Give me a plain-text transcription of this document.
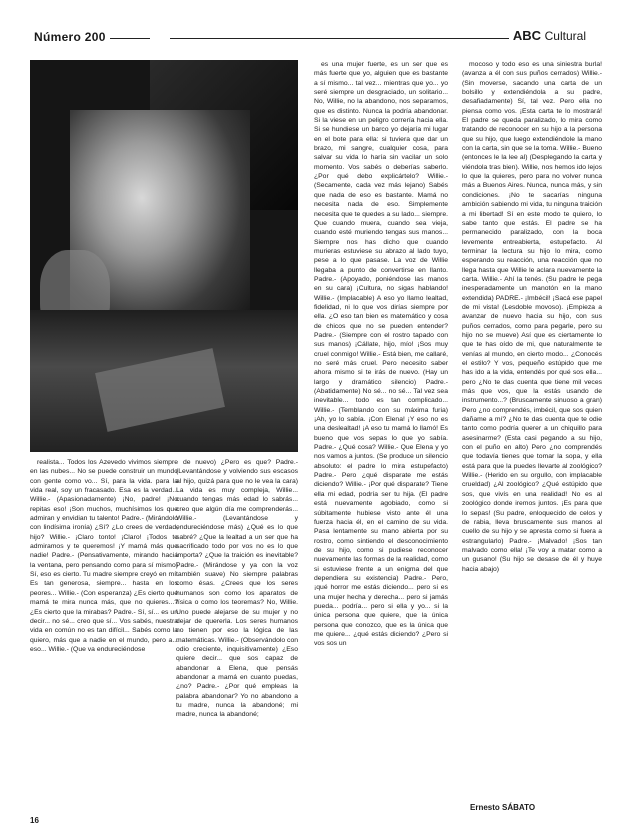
Número 200	ABC Cultural

realista... Todos los Azevedo vivimos siempre en las nubes... No se puede construir un mundo con gente como vo... Sí, para la vida. para la vida real, soy un fracasado. Esa es la verdad... Willie.- (Apasionadamente) ¡No, padre! ¡No repitas eso! ¡Son muchos, muchísimos los que admiran y envidian tu talento! Padre.- (Mirándolo con lindísima ironía) ¿Sí? ¿Lo crees de verdad, hijo? Willie.- ¡Claro tonto! ¡Claro! ¡Todos te admiramos y te queremos! ¡Y mamá más que nadie! Padre.- (Pensativamente, mirando hacia la ventana, pero pensando como para sí mismo) Sí, eso es cierto. Tu madre siempre creyó en mí. Es tan generosa, siempre... hasta en los peores... Willie.- (Con esperanza) ¿Es cierto que mamá te mira nunca más, que no quieres...? ¿Es cierto que la mirabas? Padre.- Sí, sí... es un decir... no sé... creo que sí... Vos sabés, nuestra vida en común no es tan difícil... Sabés como la quiero, más que a nadie en el mundo, pero a... eso... Willie.- (Que va endureciéndose

de nuevo) ¿Pero es que? Padre.- (Levantándose y volviendo sus escasos al hijo, quizá para que no le vea la cara) La vida es muy compleja, Willie... cuando tengas más edad lo sabrás... creo que algún día me comprenderás... Willie.- (Levantándose y endureciéndose más) ¿Qué es lo que sabré? ¿Que la lealtad a un ser que ha sacrificado todo por vos no es lo que importa? ¿Que la traición es inevitable? Padre.- (Mirándose y ya con la voz también suave) No siempre palabras como ésas. ¿Crees que los seres humanos son como los aparatos de física o como los teoremas? No, Willie. Uno puede alejarse de su mujer y no dejar de quererla. Los seres humanos no tienen por eso la lógica de las matemáticas. Willie.- (Observándolo con odio creciente, inquisitivamente) ¿Eso quiere decir... que sos capaz de abandonar a Elena, que pensás abandonar a mamá en cuanto puedas, ¿no? Padre.- ¿Por qué empleas la palabra abandonar? Yo no abandono a tu madre, nunca la abandoné; mi madre, nunca la abandoné;

es una mujer fuerte, es un ser que es más fuerte que yo, alguien que es bastante a sí mismo... tal vez... mientras que yo... yo seré siempre un desgraciado, un solitario... No, Willie, no la abandono, nos separamos, que es distinto. Nunca la podría abandonar. Si la viese en un peligro correría hacia ella. Si se hundiese un barco yo dejaría mi lugar en el bote para ella: si tuviera que dar un brazo, mi sangre, cualquier cosa, para salvar su vida lo haría sin vacilar un solo momento. Vos sabés o deberías saberlo. ¿Por qué debo explicártelo? Willie.- (Secamente, cada vez más lejano) Sabés que nada de eso es bastante. Mamá no necesita nada de eso. Simplemente necesita que te quedes a su lado... siempre. Que cuando muera, cuando sea vieja, cuando esté muriendo tengas sus manos... Siempre nos has dicho que cuando murieras estuviese su abrazo al lado tuyo, pese a lo que pasase. La voz de Willie llegaba a punto de convertirse en llanto. Padre.- (Apoyado, poniéndose las manos en su cara) ¡Cultura, no sigas hablando! Willie.- (Implacable) A eso yo llamo lealtad, fidelidad, ni lo que vos dirías siempre por ella. ¿O eso tan bien es matemático y cosa de chicos que no se pueden entender? Padre.- (Siempre con el rostro tapado con sus manos) ¡Cállate, hijo, mío! ¡Sos muy cruel conmigo! Willie.- Está bien, me callaré, no seré más cruel. Pero necesito saber ahora mismo si te irás de nuevo. (Hay un largo y dramático silencio) Padre.- (Abatidamente) No sé... no sé... Tal vez sea inevitable... todo es tan complicado... Willie.- (Temblando con su máxima furia) ¡Ah, yo lo sabía. ¡Con Elena! ¡Y eso no es una deslealtad! ¡A eso tu mamá lo llamó! Es bueno que vos sepas lo que yo sabía. Padre.- ¿Qué cosa? Willie.- Que Elena y yo nos vamos a juntos. (Se produce un silencio absoluto: el padre lo mira estupefacto) Padre.- Pero ¿qué disparate me estás diciendo? Willie.- ¡Por qué disparate? Tiene ella mi edad, podría ser tu hija. (El padre está nuevamente agobiado, como si súbitamente hubiese visto ante él una fuerza hacia él, en el camino de su vida. Pasa lentamente su mano abierta por su rostro, como sintiendo el desconocimiento de su hijo, como si pudiese reconocer nuevamente las formas de la realidad, como si estuviese frente a un enigma del que dependiera su existencia) Padre.- Pero, ¡qué horror me estás diciendo... pero si es una mujer hecha y derecha... pero si jamás pueda... podría... pero si ella y yo... si la única persona que quiere, que la única persona que conozco, que es la única que me quiere... ¿qué estás diciendo? ¿Pero si vos sos un

mocoso y todo eso es una siniestra burla! (avanza a él con sus puños cerrados) Willie.- (Sin moverse, sacando una carta de un bolsillo y extendiéndola a su padre, desafiadamente) Sí, tal vez. Pero ella no piensa como vos. ¡Esta carta te lo mostrará! El padre se queda paralizado, lo mira como tratando de reconocer en su hijo a la persona que su hijo, que luego extendiéndole la mano con la carta, sin que se la toma. Willie.- Bueno (entonces le la lee al) (Desplegando la carta y viéndola tras bien). Willie, nos hemos ido lejos lo que la quieres, pero para no volver nunca más a Buenos Aires. Nunca, nunca más, y sin condiciones. ¡No te sacarías ninguna ambición sabiendo mi vida, tu ninguna traición a mi libertad! Sí en este modo te quiero, lo sabe tanto que estás. El padre se ha permanecido paralizado, con la boca levemente entreabierta, estupefacto. Al terminar la lectura su hijo lo mira, como esperando su reacción, una reacción que no llega hasta que Willie le aclara nuevamente la carta. Willie.- Ahí la tenés. (Su padre le pega inesperadamente un manotón en la mano extendida) PADRE.- ¡Imbécil! ¡Sacá ese papel de mi vista! (Lesdoble movoso). ¡Empieza a avanzar de nuevo hacia su hijo, con sus puños cerrados, como para pegarle, pero su hijo no se mueve) Así que es ciertamente lo que te has oído de mi, que naturalmente te venías al mundo, en cierto modo... ¿Conocés el estilo? Y vos, pequeño estúpido que me has ido a la vida, entendés por qué sos ella... pero ¿No te das cuenta que tiene mil veces más que vos, que la estás usando de instrumento...? (Bruscamente sinuoso a gran) Pero ¿no comprendés, imbécil, que sos quien dañame a mí? ¿No te das cuenta que te odie tanto como podría querer a un chiquillo para asesinarme? (Esta casi pegando a su hijo, con el puño en alto) Pero ¿no comprendés que todavía tienes que tomar la sopa, y ella está para que la puedes llevarte al zoológico? Willie.- (Herido en su orgullo, con implacable crueldad) ¿Al zoológico? ¿Qué estúpido que sos, que vivís en una realidad! No es al zoológico donde iremos juntos. ¡Es para que lo sepas! (Su padre, enloquecido de celos y de rabia, lleva bruscamente sus manos al cuello de su hijo y se apresta como si fuera a estrangularlo) Padre.- ¡Malvado! ¡Sos tan malvado como ella! ¡Te voy a matar como a un gusano! (Su hijo se desase de él y huye hacia abajo)

Ernesto SÁBATO
16
